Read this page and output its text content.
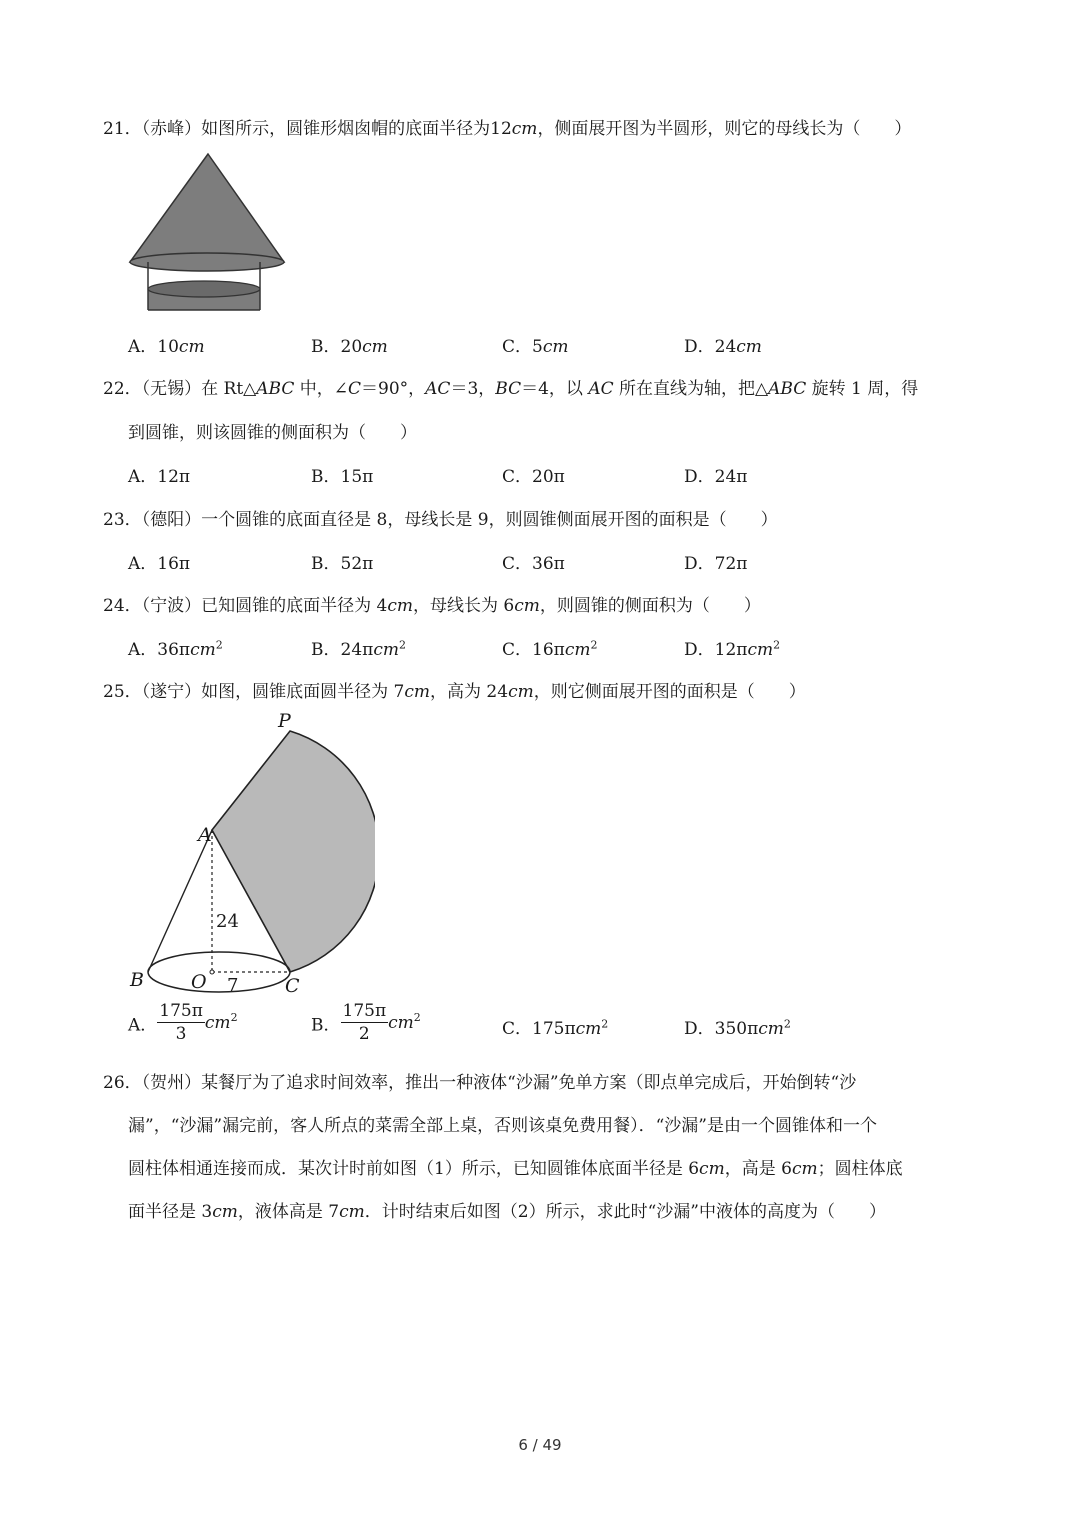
21．（赤峰）如图所示，圆锥形烟囱帽的底面半径为12cm，侧面展开图为半圆形，则它的母线长为（　　）
A．10cm	B．20cm	C．5cm	D．24cm
22．（无锡）在 Rt△ABC 中，∠C＝90°，AC＝3，BC＝4，以 AC 所在直线为轴，把△ABC 旋转 1 周，得
到圆锥，则该圆锥的侧面积为（　　）
A．12π	B．15π	C．20π	D．24π
23．（德阳）一个圆锥的底面直径是 8，母线长是 9，则圆锥侧面展开图的面积是（　　）
A．16π	B．52π	C．36π	D．72π
24．（宁波）已知圆锥的底面半径为 4cm，母线长为 6cm，则圆锥的侧面积为（　　）
A．36πcm$^2$	B．24πcm$^2$	C．16πcm$^2$	D．12πcm$^2$
25．（遂宁）如图，圆锥底面圆半径为 7cm，高为 24cm，则它侧面展开图的面积是（　　）
P
A
B O	C
24
7
A． $\frac{175\pi}{3} cm^2$	B． $\frac{175\pi}{2} cm^2$
C．175πcm$^2$	D．350πcm$^2$
26．（贺州）某餐厅为了追求时间效率，推出一种液体“沙漏”免单方案（即点单完成后，开始倒转“沙
漏”，“沙漏”漏完前，客人所点的菜需全部上桌，否则该桌免费用餐）．“沙漏”是由一个圆锥体和一个
圆柱体相通连接而成．某次计时前如图（1）所示，已知圆锥体底面半径是 6cm，高是 6cm；圆柱体底
面半径是 3cm，液体高是 7cm．计时结束后如图（2）所示，求此时“沙漏”中液体的高度为（　　）
6 / 49
